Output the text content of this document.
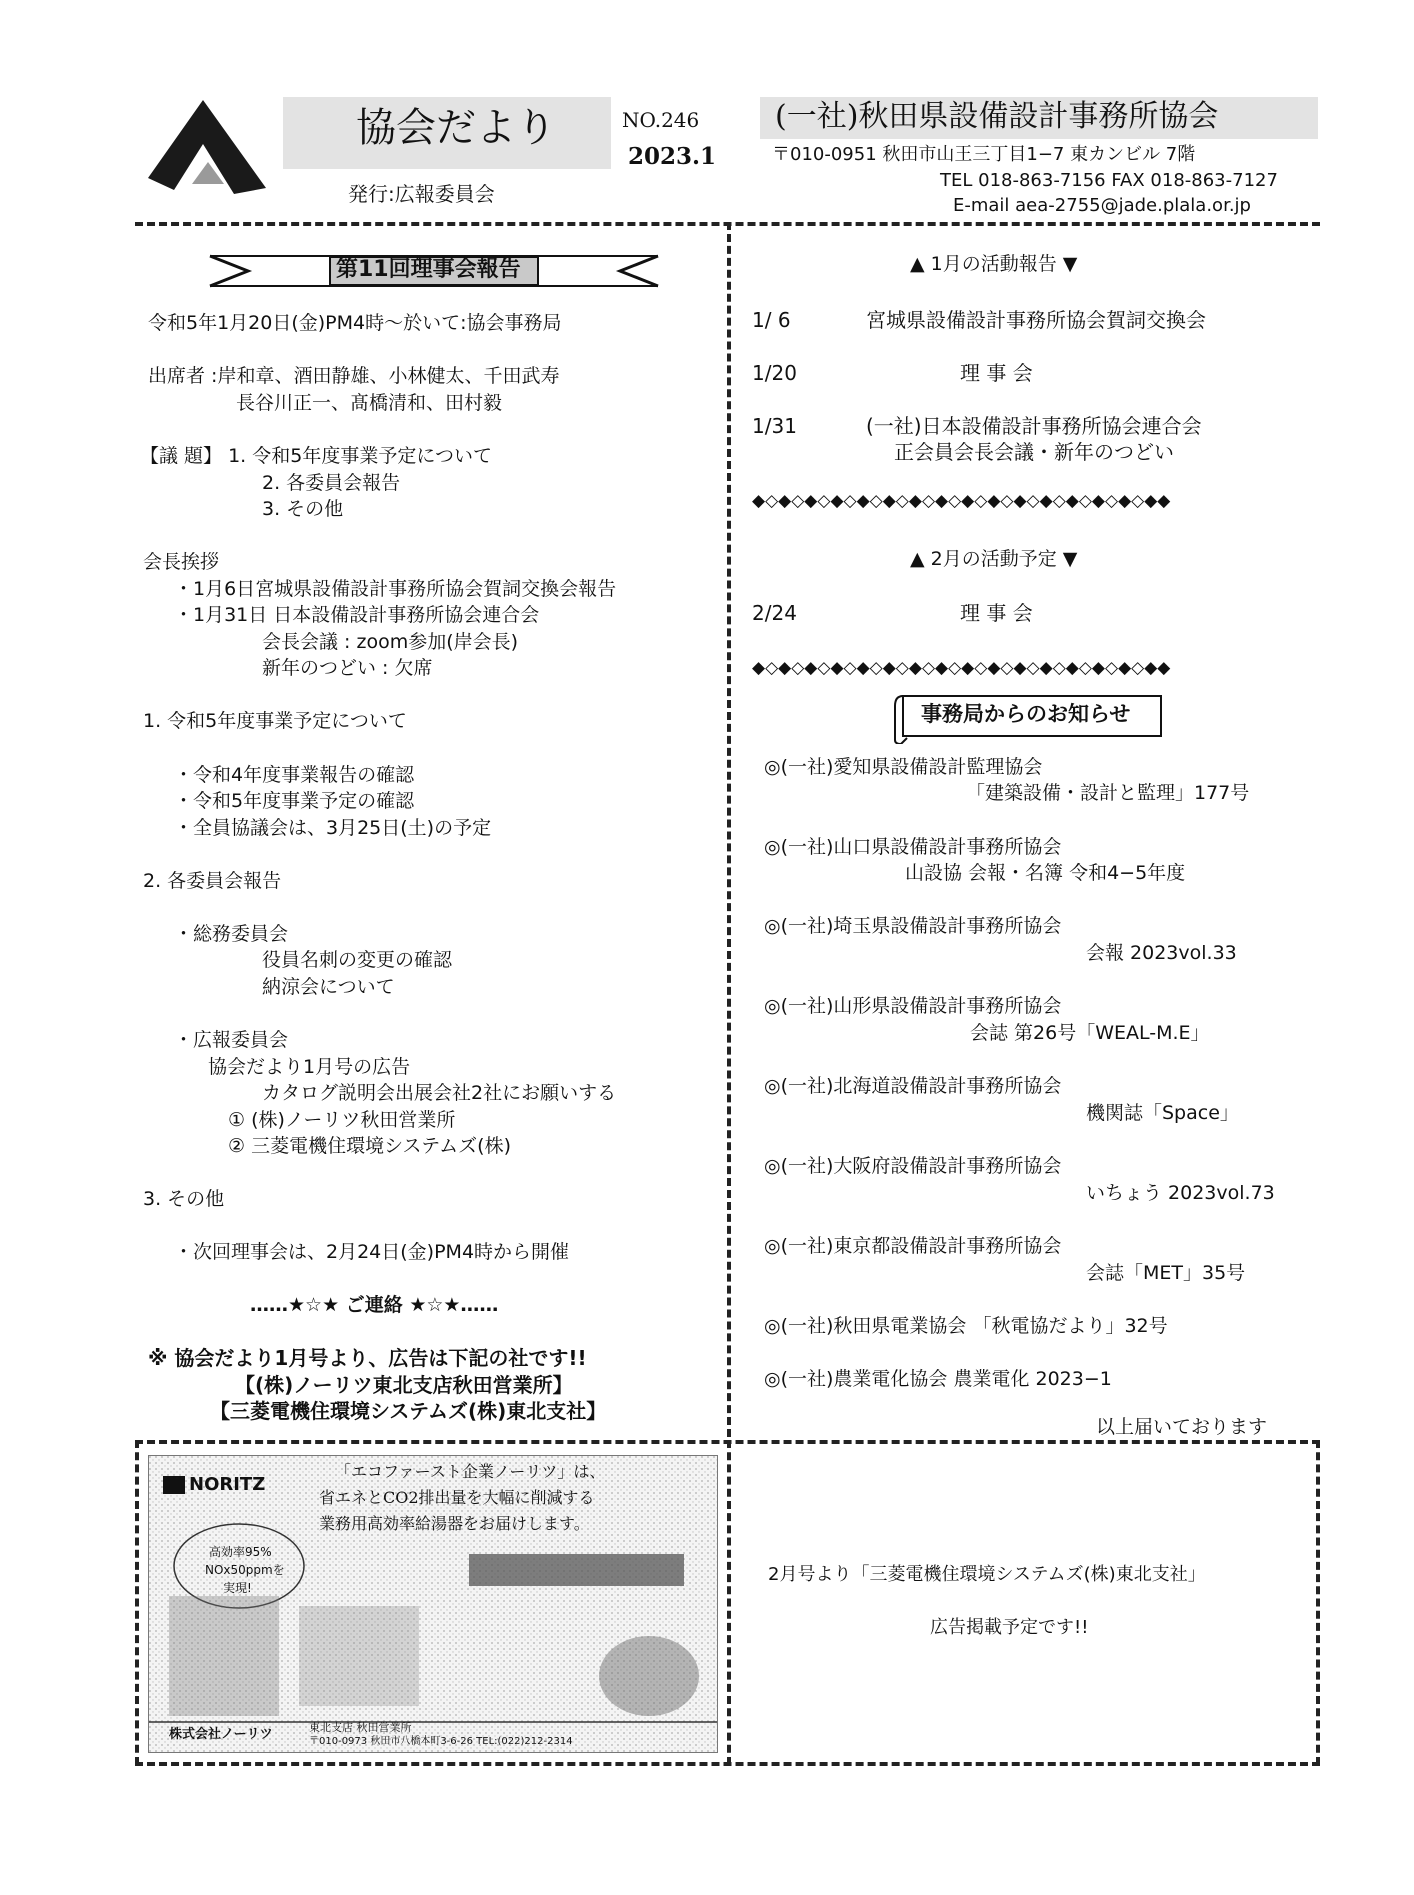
協会だより	NO.246
2023.1
発行:広報委員会
(一社)秋田県設備設計事務所協会
〒010-0951 秋田市山王三丁目1−7 東カンビル 7階
TEL 018-863-7156 FAX 018-863-7127
E-mail aea-2755@jade.plala.or.jp
第11回理事会報告
令和5年1月20日(金)PM4時〜於いて:協会事務局
出席者 :岸和章、酒田静雄、小林健太、千田武寿
長谷川正一、髙橋清和、田村毅
【議 題】 1. 令和5年度事業予定について
2. 各委員会報告
3. その他
会長挨拶
・1月6日宮城県設備設計事務所協会賀詞交換会報告
・1月31日 日本設備設計事務所協会連合会
会長会議 : zoom参加(岸会長)
新年のつどい : 欠席
1. 令和5年度事業予定について
・令和4年度事業報告の確認
・令和5年度事業予定の確認
・全員協議会は、3月25日(土)の予定
2. 各委員会報告
・総務委員会
役員名刺の変更の確認
納涼会について
・広報委員会
協会だより1月号の広告
カタログ説明会出展会社2社にお願いする
① (株)ノーリツ秋田営業所
② 三菱電機住環境システムズ(株)
3. その他
・次回理事会は、2月24日(金)PM4時から開催
……★☆★ ご連絡 ★☆★……
※ 協会だより1月号より、広告は下記の社です!!
【(株)ノーリツ東北支店秋田営業所】
【三菱電機住環境システムズ(株)東北支社】
▲ 1月の活動報告 ▼
1/ 6	宮城県設備設計事務所協会賀詞交換会
1/20	理 事 会
1/31	(一社)日本設備設計事務所協会連合会
正会員会長会議・新年のつどい
◆◇◆◇◆◇◆◇◆◇◆◇◆◇◆◇◆◇◆◇◆◇◆◇◆◇◆◇◆◇◆◆
▲ 2月の活動予定 ▼
2/24	理 事 会
◆◇◆◇◆◇◆◇◆◇◆◇◆◇◆◇◆◇◆◇◆◇◆◇◆◇◆◇◆◇◆◆
事務局からのお知らせ
◎(一社)愛知県設備設計監理協会
「建築設備・設計と監理」177号
◎(一社)山口県設備設計事務所協会
山設協 会報・名簿 令和4−5年度
◎(一社)埼玉県設備設計事務所協会
会報 2023vol.33
◎(一社)山形県設備設計事務所協会
会誌 第26号「WEAL-M.E」
◎(一社)北海道設備設計事務所協会
機関誌「Space」
◎(一社)大阪府設備設計事務所協会
いちょう 2023vol.73
◎(一社)東京都設備設計事務所協会
会誌「MET」35号
◎(一社)秋田県電業協会 「秋電協だより」32号
◎(一社)農業電化協会 農業電化 2023−1
以上届いております
NORITZ
「エコファースト企業ノーリツ」は、
省エネとCO2排出量を大幅に削減する
業務用高効率給湯器をお届けします。
高効率95%
NOx50ppmを
実現!
株式会社ノーリツ	東北支店 秋田営業所
〒010-0973 秋田市八橋本町3-6-26 TEL:(022)212-2314
2月号より「三菱電機住環境システムズ(株)東北支社」
広告掲載予定です!!
